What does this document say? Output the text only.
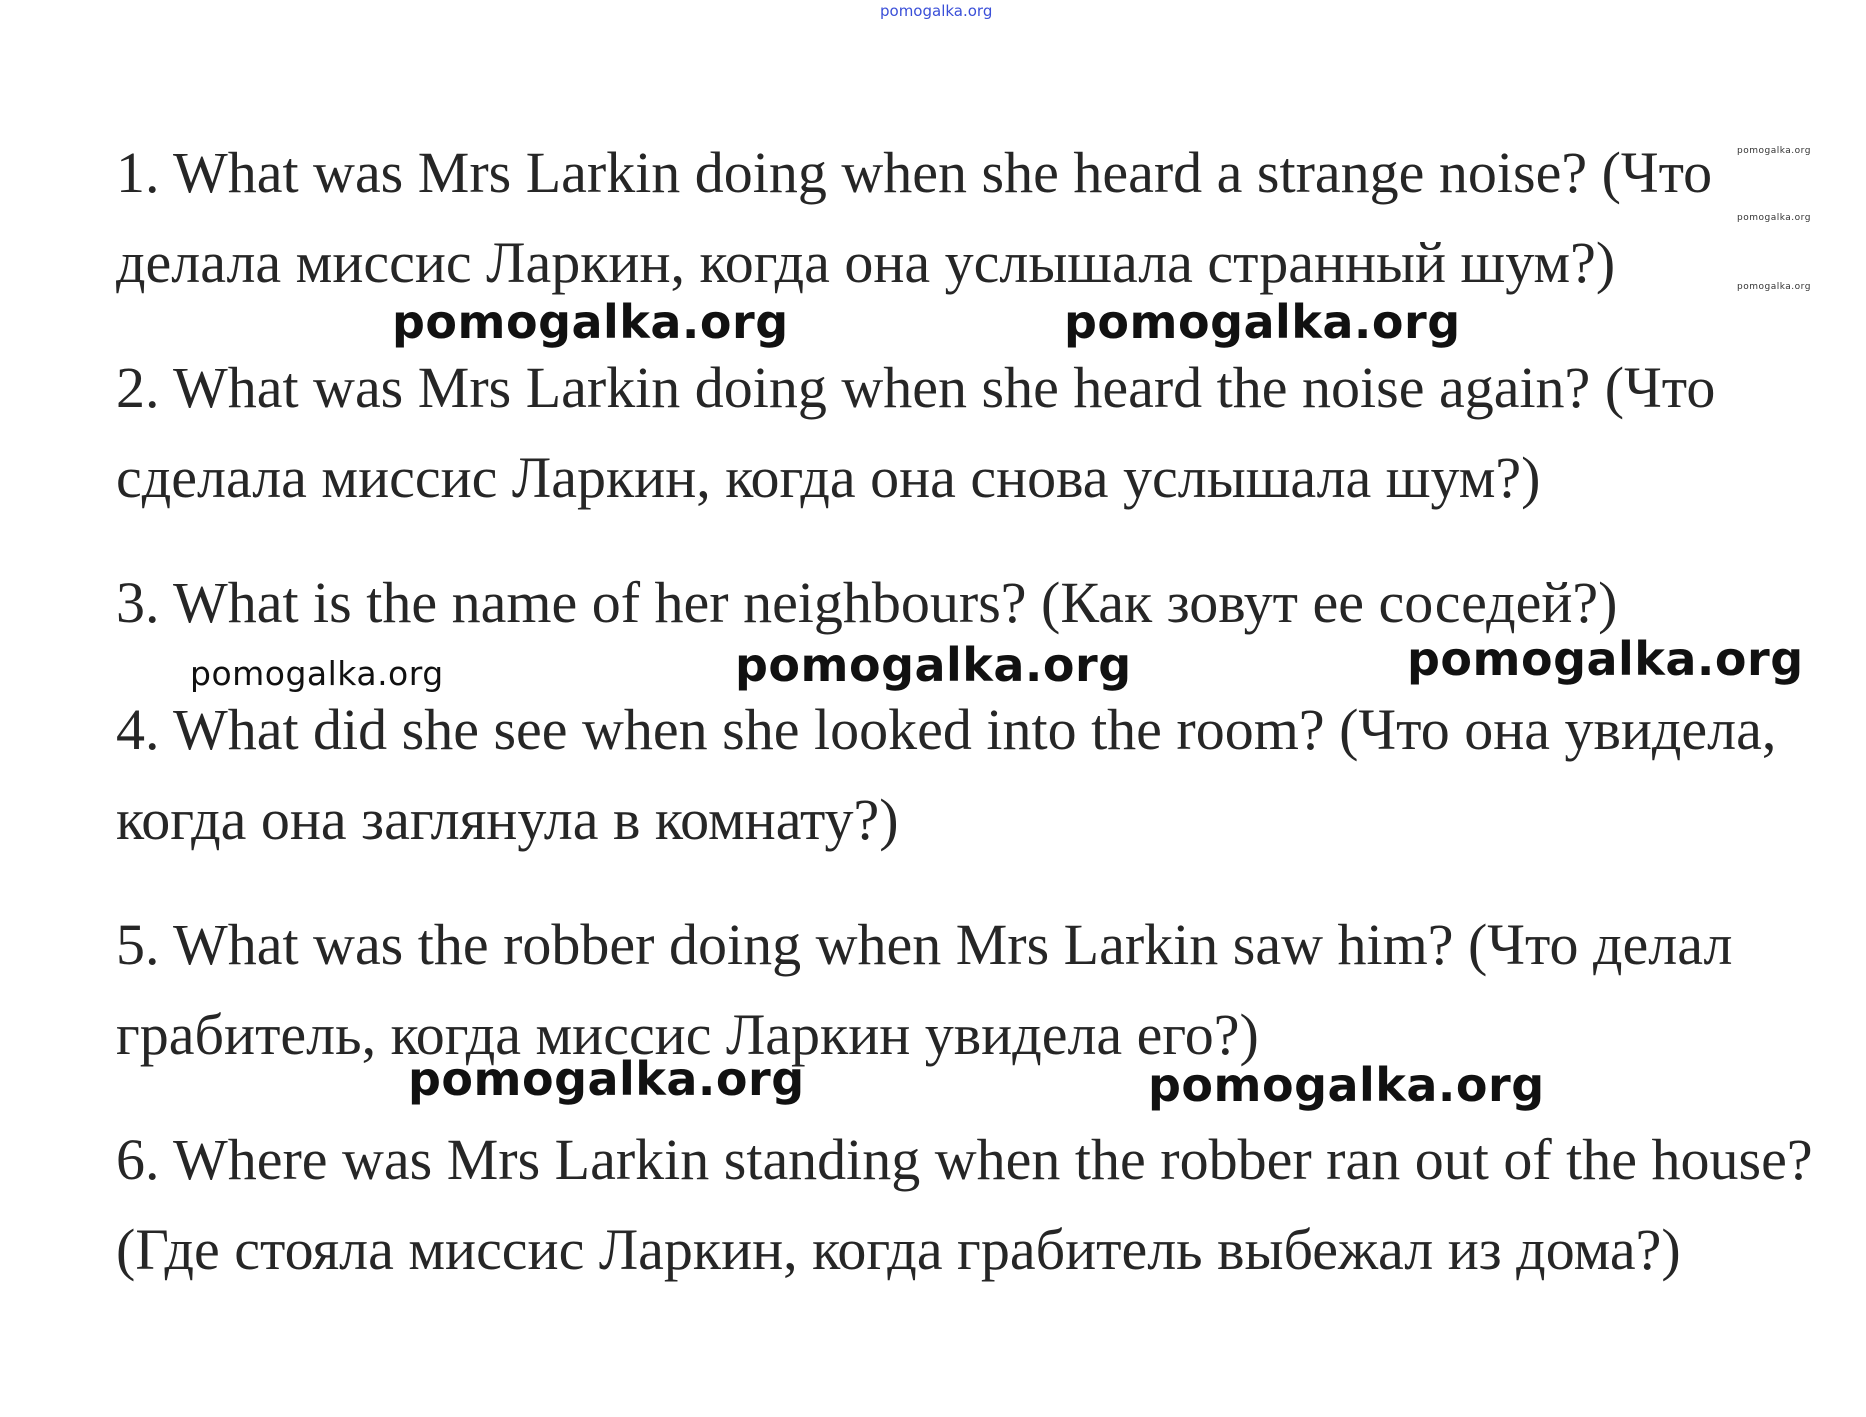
pomogalka.org

1. What was Mrs Larkin doing when she heard a strange noise? (Что делала миссис Ларкин, когда она услышала странный шум?)

pomogalka.org	pomogalka.org
pomogalka.org
pomogalka.org
pomogalka.org

2. What was Mrs Larkin doing when she heard the noise again? (Что сделала миссис Ларкин, когда она снова услышала шум?)

3. What is the name of her neighbours? (Как зовут ее соседей?)

pomogalka.org	pomogalka.org	pomogalka.org

4. What did she see when she looked into the room? (Что она увидела, когда она заглянула в комнату?)

5. What was the robber doing when Mrs Larkin saw him? (Что делал грабитель, когда миссис Ларкин увидела его?)

pomogalka.org	pomogalka.org

6. Where was Mrs Larkin standing when the robber ran out of the house? (Где стояла миссис Ларкин, когда грабитель выбежал из дома?)
